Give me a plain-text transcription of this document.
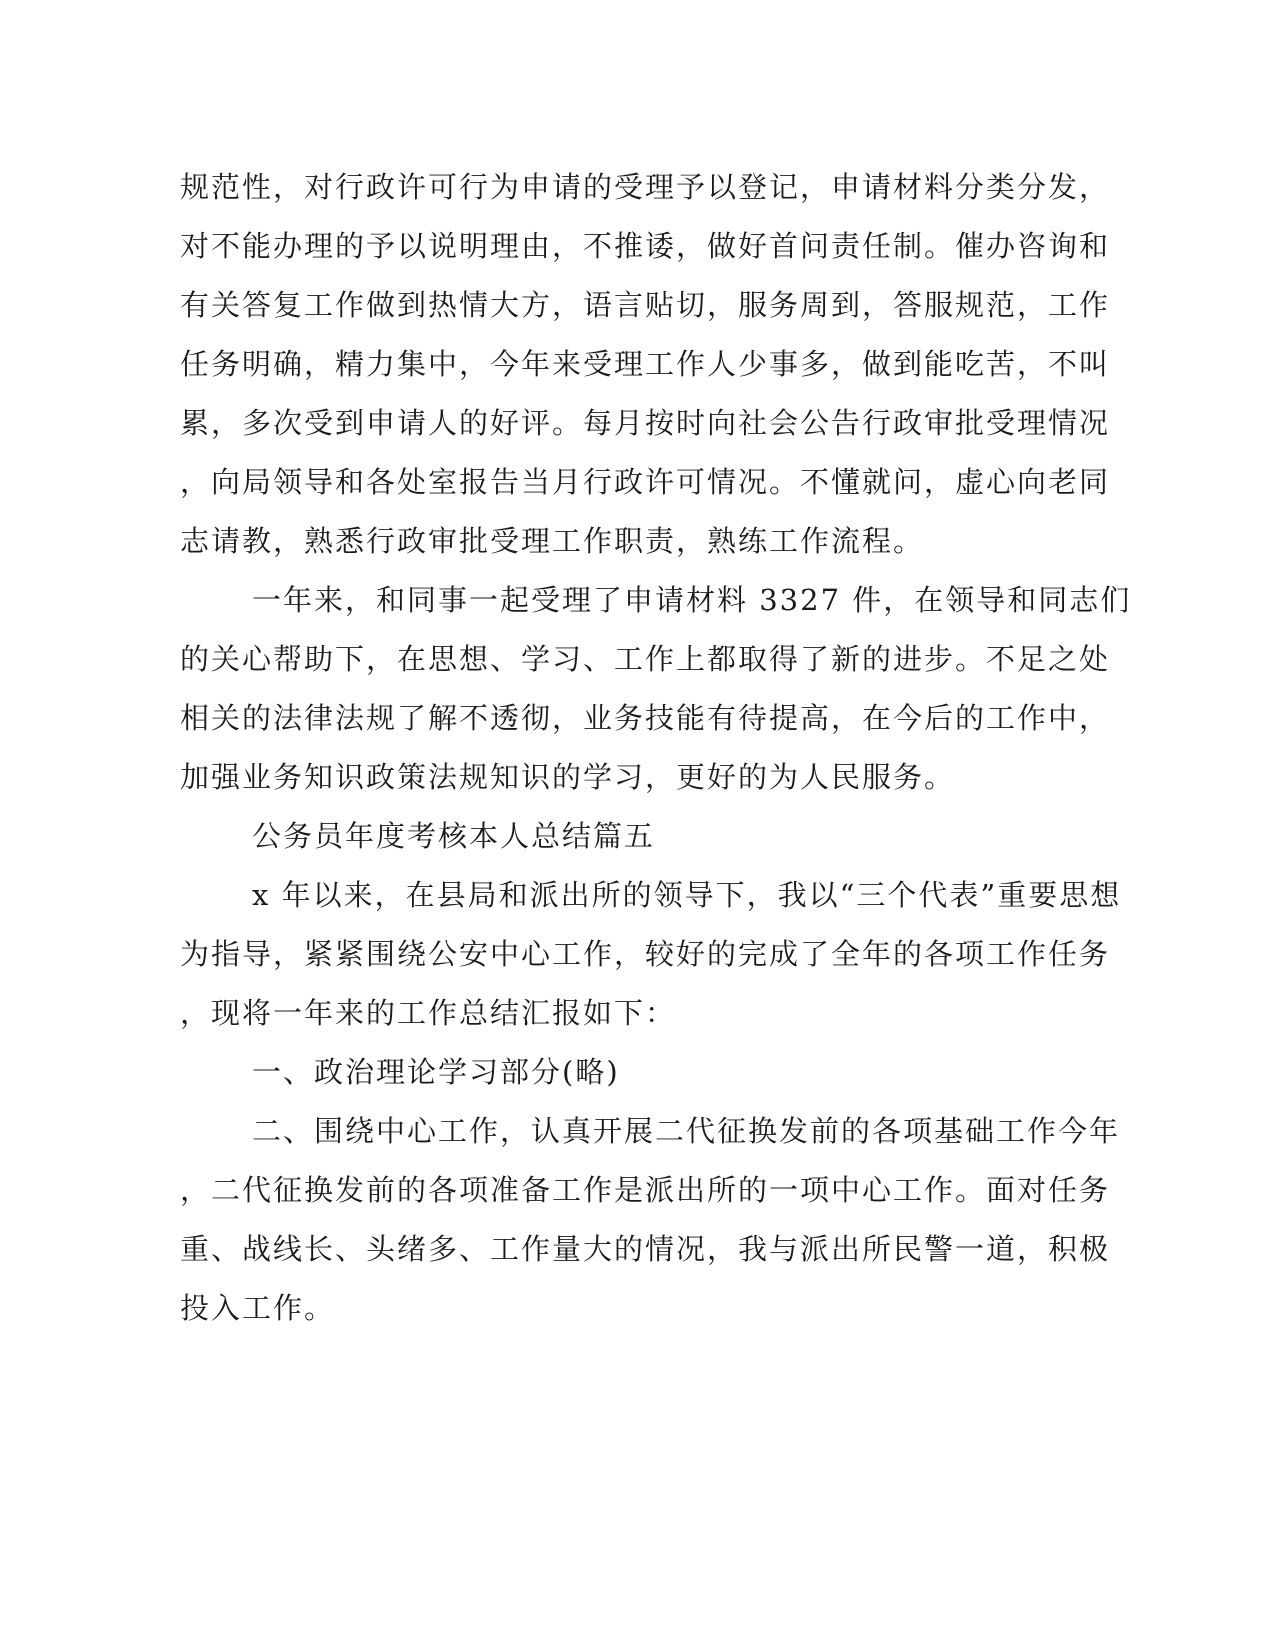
规范性，对行政许可行为申请的受理予以登记，申请材料分类分发，
对不能办理的予以说明理由，不推诿，做好首问责任制。催办咨询和
有关答复工作做到热情大方，语言贴切，服务周到，答服规范，工作
任务明确，精力集中，今年来受理工作人少事多，做到能吃苦，不叫
累，多次受到申请人的好评。每月按时向社会公告行政审批受理情况
，向局领导和各处室报告当月行政许可情况。不懂就问，虚心向老同
志请教，熟悉行政审批受理工作职责，熟练工作流程。
一年来，和同事一起受理了申请材料 3327 件，在领导和同志们
的关心帮助下，在思想、学习、工作上都取得了新的进步。不足之处
相关的法律法规了解不透彻，业务技能有待提高，在今后的工作中，
加强业务知识政策法规知识的学习，更好的为人民服务。
公务员年度考核本人总结篇五
x 年以来，在县局和派出所的领导下，我以“三个代表”重要思想
为指导，紧紧围绕公安中心工作，较好的完成了全年的各项工作任务
，现将一年来的工作总结汇报如下：
一、政治理论学习部分(略)
二、围绕中心工作，认真开展二代征换发前的各项基础工作今年
，二代征换发前的各项准备工作是派出所的一项中心工作。面对任务
重、战线长、头绪多、工作量大的情况，我与派出所民警一道，积极
投入工作。
